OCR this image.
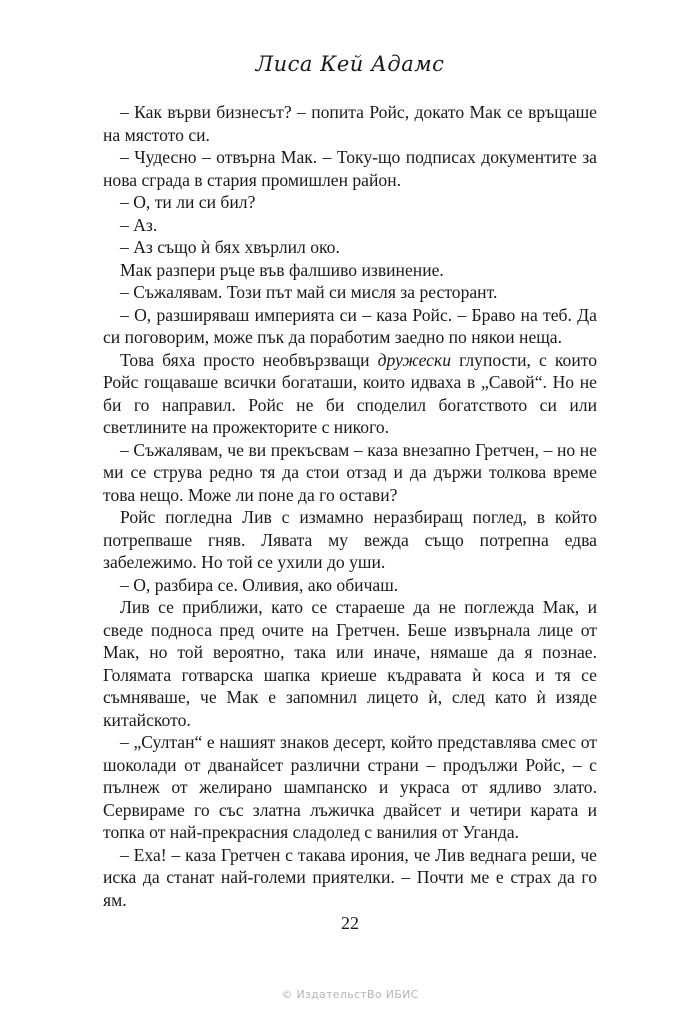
Лиса Кей Адамс

– Как върви бизнесът? – попита Ройс, докато Мак се връщаше на мястото си.

– Чудесно – отвърна Мак. – Току-що подписах документите за нова сграда в стария промишлен район.

– О, ти ли си бил?

– Аз.

– Аз също ѝ бях хвърлил око.

Мак разпери ръце във фалшиво извинение.

– Съжалявам. Този път май си мисля за ресторант.

– О, разширяваш империята си – каза Ройс. – Браво на теб. Да си поговорим, може пък да поработим заедно по някои неща.

Това бяха просто необвързващи дружески глупости, с които Ройс гощаваше всички богаташи, които идваха в „Савой“. Но не би го направил. Ройс не би споделил богатството си или светлините на прожекторите с никого.

– Съжалявам, че ви прекъсвам – каза внезапно Гретчен, – но не ми се струва редно тя да стои отзад и да държи толкова време това нещо. Може ли поне да го остави?

Ройс погледна Лив с измамно неразбиращ поглед, в който потрепваше гняв. Лявата му вежда също потрепна едва забележимо. Но той се ухили до уши.

– О, разбира се. Оливия, ако обичаш.

Лив се приближи, като се стараеше да не поглежда Мак, и сведе подноса пред очите на Гретчен. Беше извърнала лице от Мак, но той вероятно, така или иначе, нямаше да я познае. Голямата готварска шапка криеше къдравата ѝ коса и тя се съмняваше, че Мак е запомнил лицето ѝ, след като ѝ изяде китайското.

– „Султан“ е нашият знаков десерт, който представлява смес от шоколади от дванайсет различни страни – продължи Ройс, – с пълнеж от желирано шампанско и украса от ядливо злато. Сервираме го със златна лъжичка двайсет и четири карата и топка от най-прекрасния сладолед с ванилия от Уганда.

– Еха! – каза Гретчен с такава ирония, че Лив веднага реши, че иска да станат най-големи приятелки. – Почти ме е страх да го ям.

22
© ИздательстВо ИБИС
